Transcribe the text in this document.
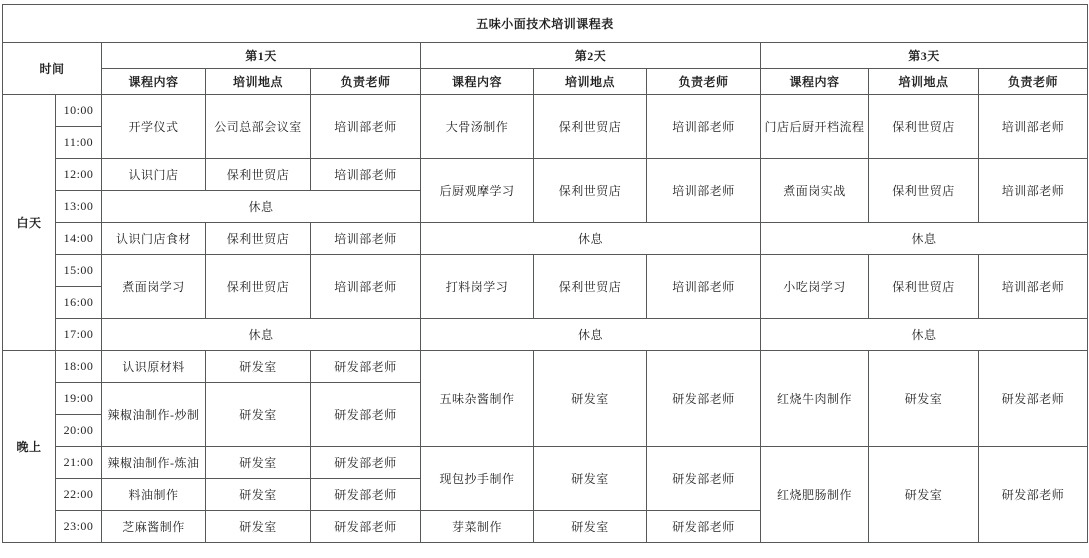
五味小面技术培训课程表										
时间		第1天			第2天			第3天		
		课程内容	培训地点	负责老师	课程内容	培训地点	负责老师	课程内容	培训地点	负责老师
白天	10:00	开学仪式	公司总部会议室	培训部老师	大骨汤制作	保利世贸店	培训部老师	门店后厨开档流程	保利世贸店	培训部老师
	11:00									
	12:00	认识门店	保利世贸店	培训部老师	后厨观摩学习	保利世贸店	培训部老师	煮面岗实战	保利世贸店	培训部老师
	13:00	休息								
	14:00	认识门店食材	保利世贸店	培训部老师	休息			休息		
	15:00	煮面岗学习	保利世贸店	培训部老师	打料岗学习	保利世贸店	培训部老师	小吃岗学习	保利世贸店	培训部老师
	16:00									
	17:00	休息			休息			休息		
晚上	18:00	认识原材料	研发室	研发部老师	五味杂酱制作	研发室	研发部老师	红烧牛肉制作	研发室	研发部老师
	19:00	辣椒油制作-炒制	研发室	研发部老师						
	20:00									
	21:00	辣椒油制作-炼油	研发室	研发部老师	现包抄手制作	研发室	研发部老师	红烧肥肠制作	研发室	研发部老师
	22:00	料油制作	研发室	研发部老师						
	23:00	芝麻酱制作	研发室	研发部老师	芽菜制作	研发室	研发部老师			
